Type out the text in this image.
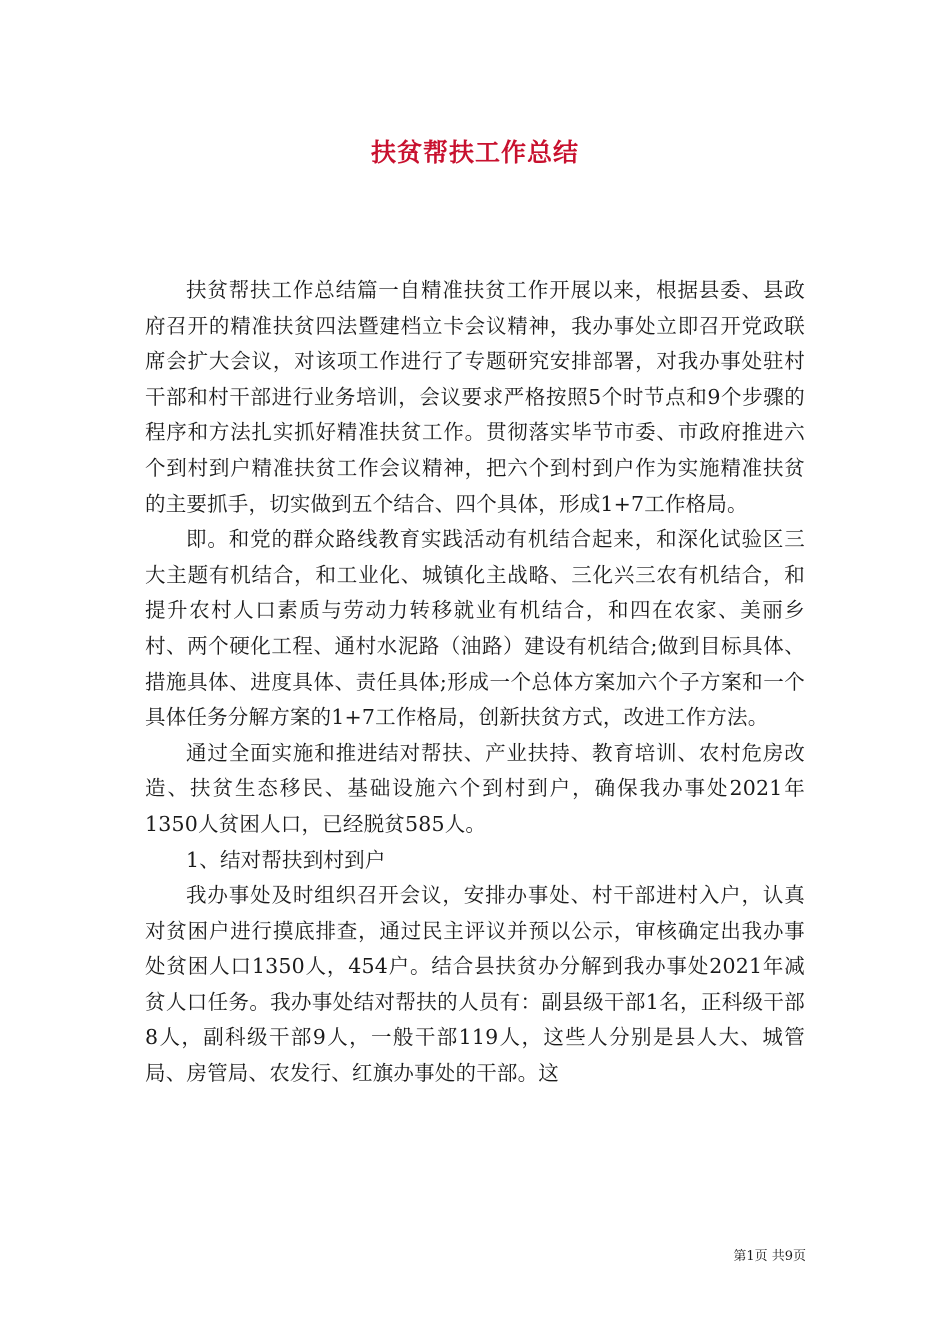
扶贫帮扶工作总结

扶贫帮扶工作总结篇一自精准扶贫工作开展以来，根据县委、县政府召开的精准扶贫四法暨建档立卡会议精神，我办事处立即召开党政联席会扩大会议，对该项工作进行了专题研究安排部署，对我办事处驻村干部和村干部进行业务培训，会议要求严格按照5个时节点和9个步骤的程序和方法扎实抓好精准扶贫工作。贯彻落实毕节市委、市政府推进六个到村到户精准扶贫工作会议精神，把六个到村到户作为实施精准扶贫的主要抓手，切实做到五个结合、四个具体，形成1+7工作格局。

即。和党的群众路线教育实践活动有机结合起来，和深化试验区三大主题有机结合，和工业化、城镇化主战略、三化兴三农有机结合，和提升农村人口素质与劳动力转移就业有机结合，和四在农家、美丽乡村、两个硬化工程、通村水泥路（油路）建设有机结合;做到目标具体、措施具体、进度具体、责任具体;形成一个总体方案加六个子方案和一个具体任务分解方案的1+7工作格局，创新扶贫方式，改进工作方法。

通过全面实施和推进结对帮扶、产业扶持、教育培训、农村危房改造、扶贫生态移民、基础设施六个到村到户，确保我办事处2021年1350人贫困人口，已经脱贫585人。

1、结对帮扶到村到户

我办事处及时组织召开会议，安排办事处、村干部进村入户，认真对贫困户进行摸底排查，通过民主评议并预以公示，审核确定出我办事处贫困人口1350人，454户。结合县扶贫办分解到我办事处2021年减贫人口任务。我办事处结对帮扶的人员有：副县级干部1名，正科级干部8人，副科级干部9人，一般干部119人，这些人分别是县人大、城管局、房管局、农发行、红旗办事处的干部。这

第1页 共9页
